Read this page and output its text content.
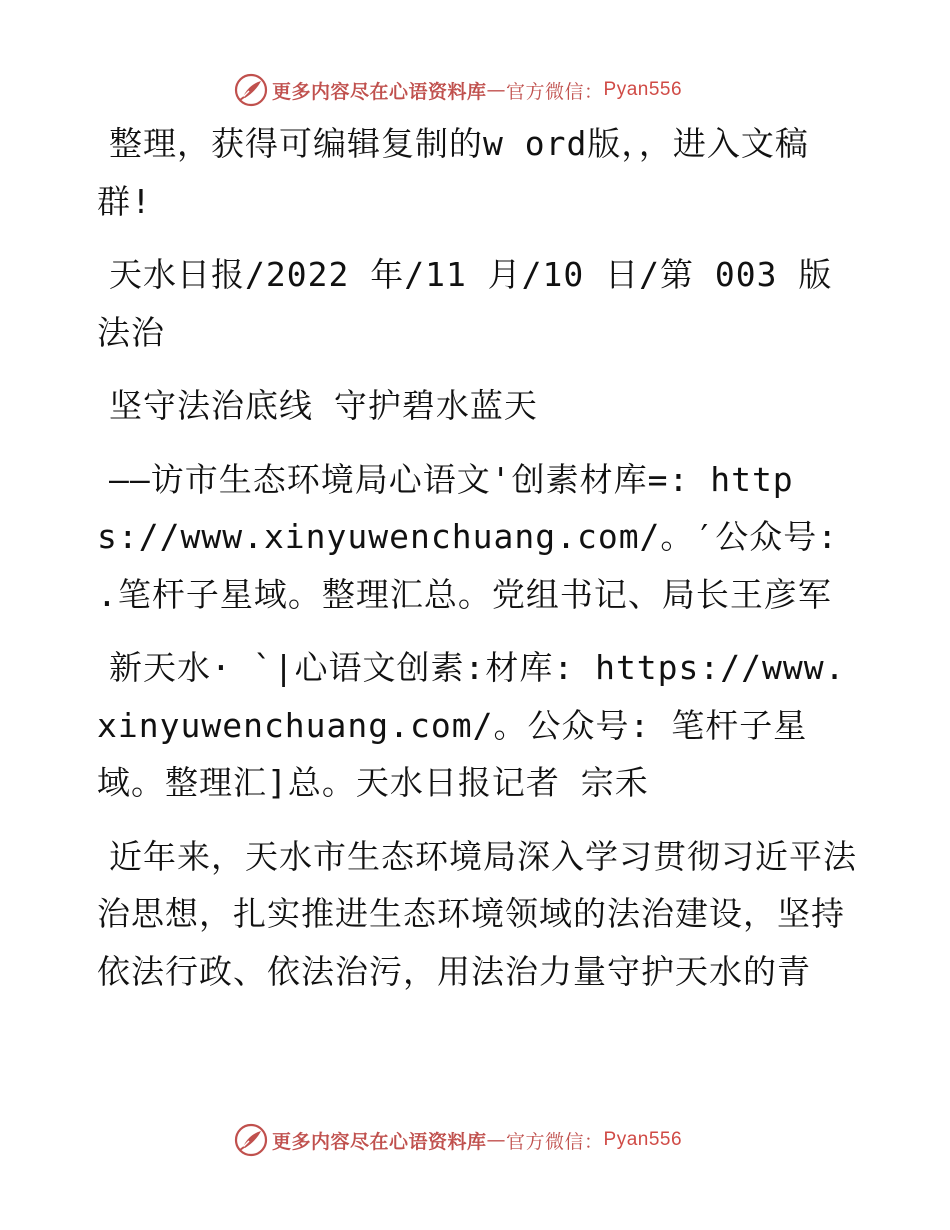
更多内容尽在心语资料库 — 官方微信： Pyan556

整理，获得可编辑复制的w ord版，，进入文稿群!

天水日报/2022 年/11 月/10 日/第 003 版法治

坚守法治底线 守护碧水蓝天

——访市生态环境局心语文'创素材库=: https://www.xinyuwenchuang.com/。′公众号: .笔杆子星域。整理汇总。党组书记、局长王彦军

新天水· `|心语文创素:材库: https://www.xinyuwenchuang.com/。公众号: 笔杆子星域。整理汇]总。天水日报记者 宗禾

近年来，天水市生态环境局深入学习贯彻习近平法治思想，扎实推进生态环境领域的法治建设，坚持依法行政、依法治污，用法治力量守护天水的青

更多内容尽在心语资料库 — 官方微信： Pyan556
